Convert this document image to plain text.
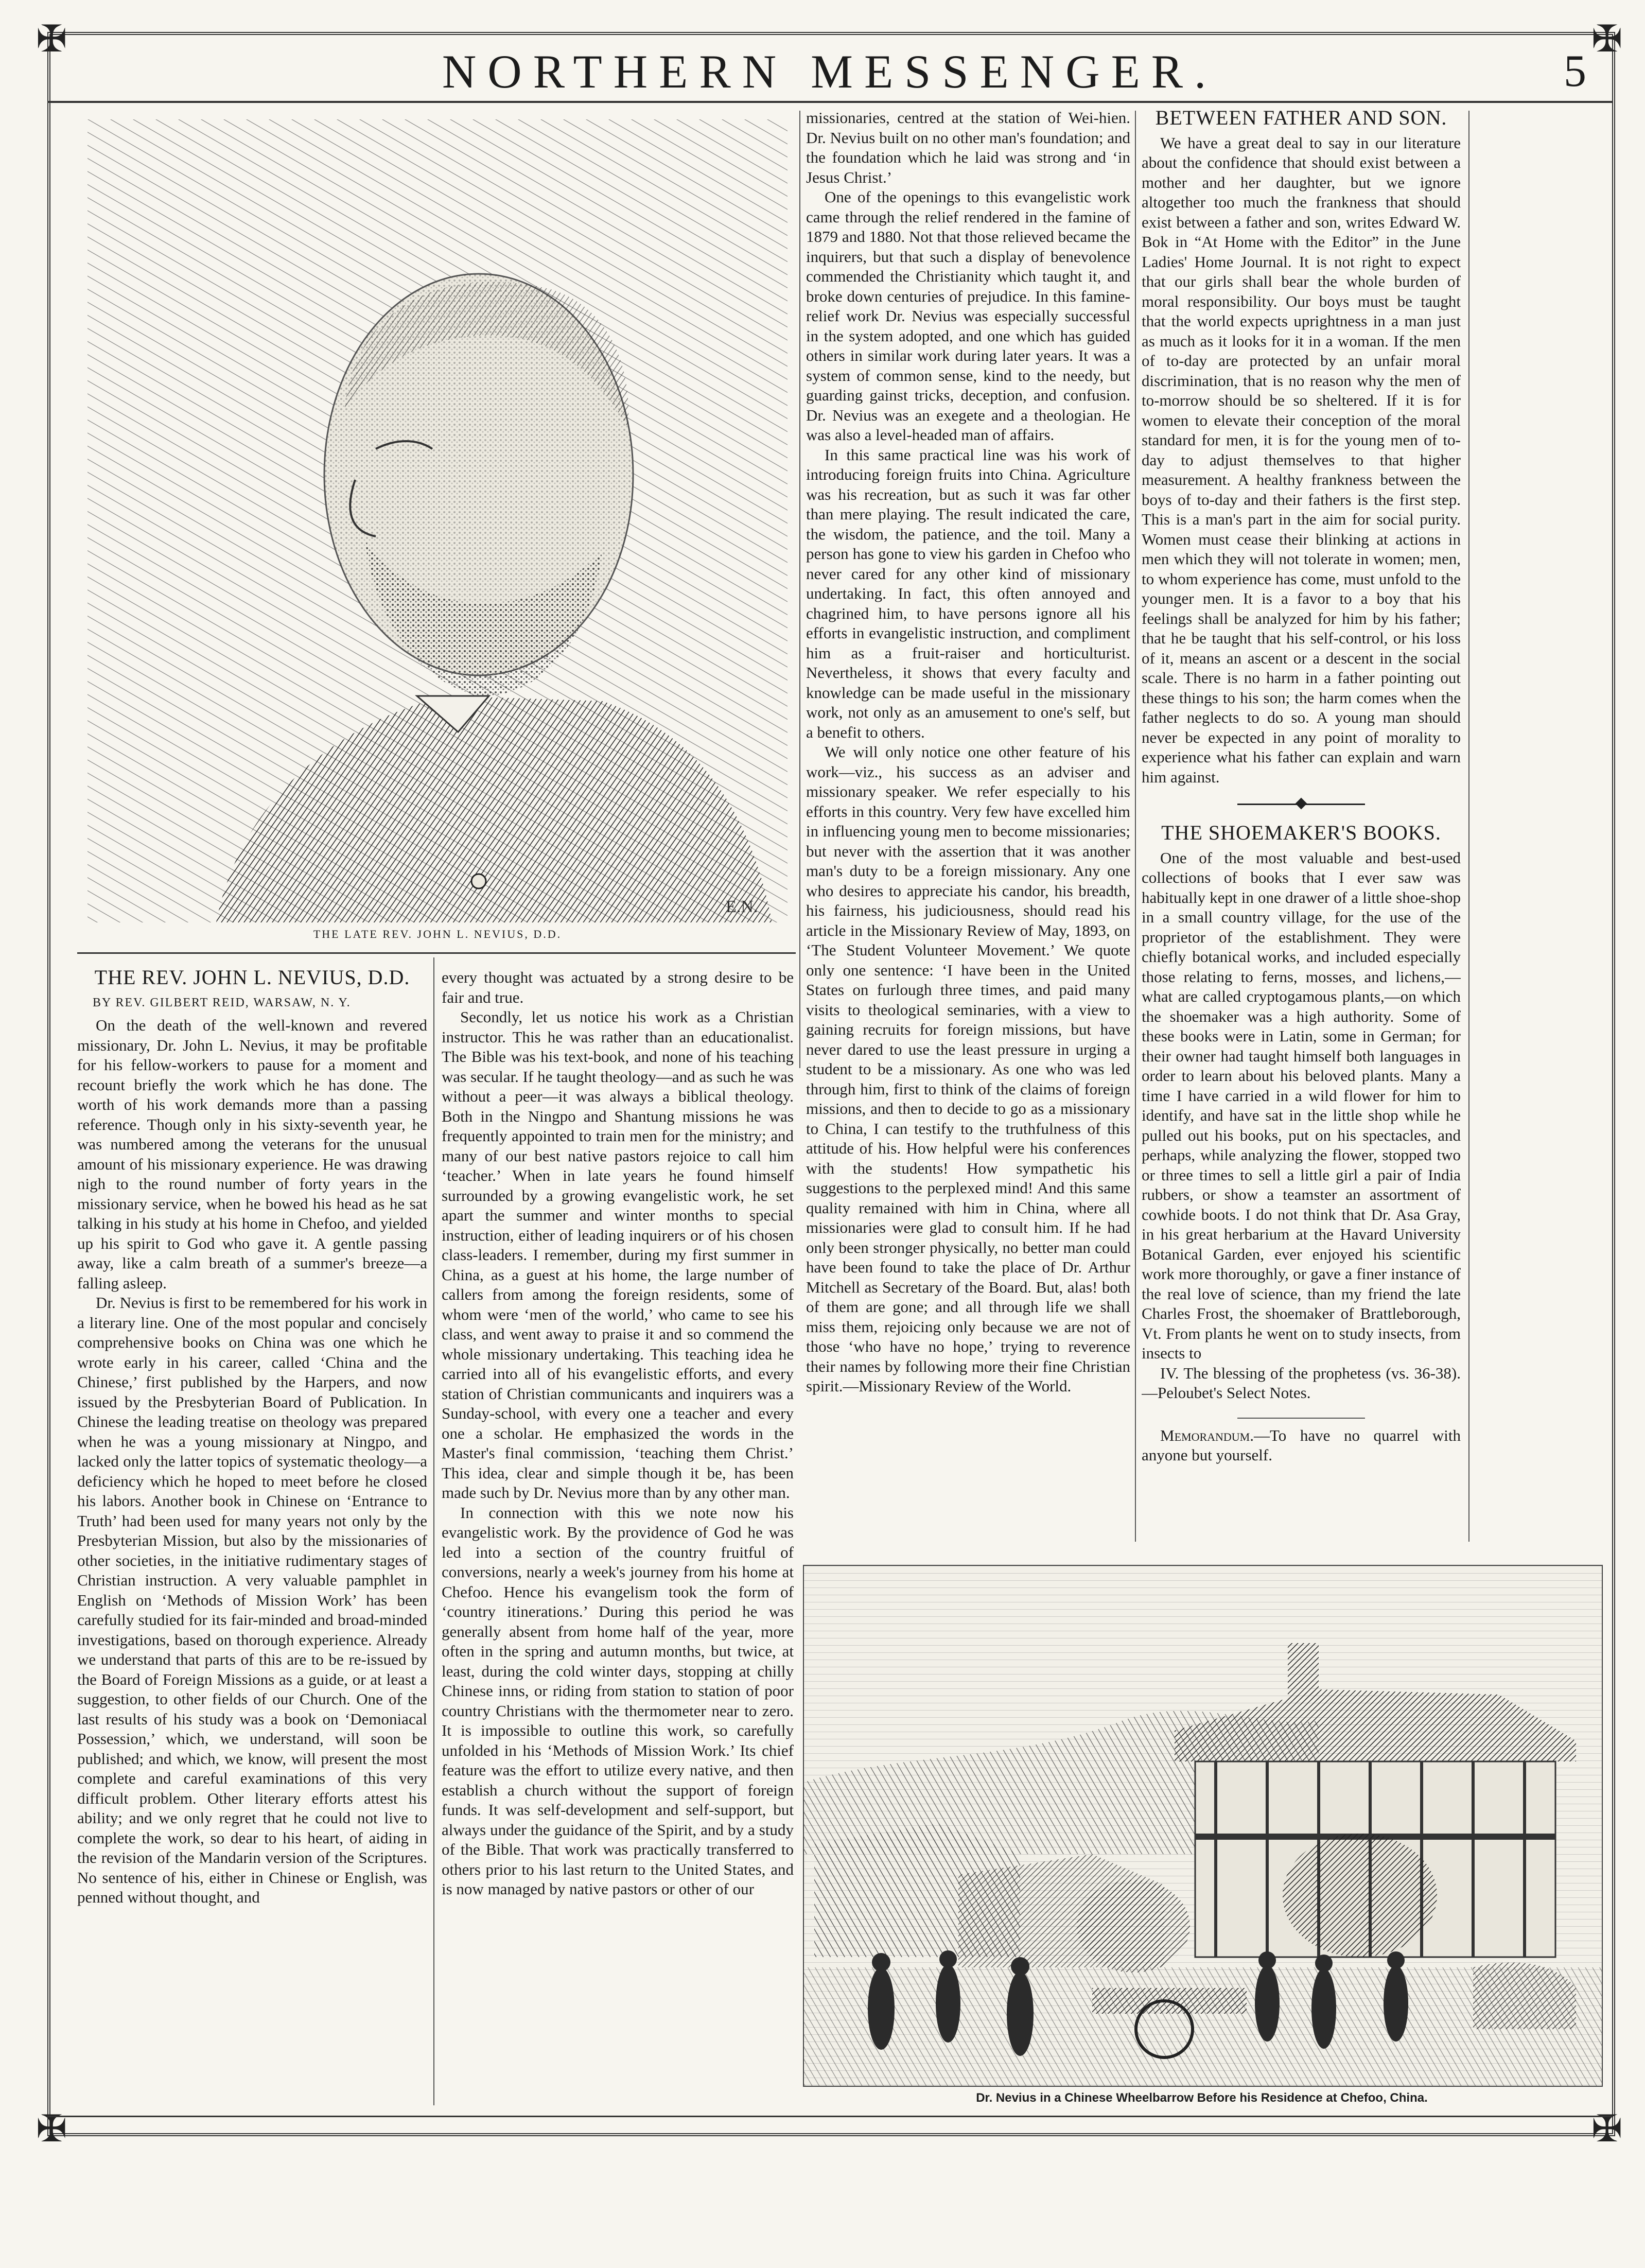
✠	✠
✠	✠
NORTHERN MESSENGER.	5
E.N.
THE LATE REV. JOHN L. NEVIUS, D.D.
THE REV. JOHN L. NEVIUS, D.D.
BY REV. GILBERT REID, WARSAW, N. Y.

On the death of the well-known and revered missionary, Dr. John L. Nevius, it may be profitable for his fellow-workers to pause for a moment and recount briefly the work which he has done. The worth of his work demands more than a passing reference. Though only in his sixty-seventh year, he was numbered among the veterans for the unusual amount of his missionary experience. He was drawing nigh to the round number of forty years in the missionary service, when he bowed his head as he sat talking in his study at his home in Chefoo, and yielded up his spirit to God who gave it. A gentle passing away, like a calm breath of a summer's breeze—a falling asleep.

Dr. Nevius is first to be remembered for his work in a literary line. One of the most popular and concisely comprehensive books on China was one which he wrote early in his career, called ‘China and the Chinese,’ first published by the Harpers, and now issued by the Presbyterian Board of Publication. In Chinese the leading treatise on theology was prepared when he was a young missionary at Ningpo, and lacked only the latter topics of systematic theology—a deficiency which he hoped to meet before he closed his labors. Another book in Chinese on ‘Entrance to Truth’ had been used for many years not only by the Presbyterian Mission, but also by the missionaries of other societies, in the initiative rudimentary stages of Christian instruction. A very valuable pamphlet in English on ‘Methods of Mission Work’ has been carefully studied for its fair-minded and broad-minded investigations, based on thorough experience. Already we understand that parts of this are to be re-issued by the Board of Foreign Missions as a guide, or at least a suggestion, to other fields of our Church. One of the last results of his study was a book on ‘Demoniacal Possession,’ which, we understand, will soon be published; and which, we know, will present the most complete and careful examinations of this very difficult problem. Other literary efforts attest his ability; and we only regret that he could not live to complete the work, so dear to his heart, of aiding in the revision of the Mandarin version of the Scriptures. No sentence of his, either in Chinese or English, was penned without thought, and

every thought was actuated by a strong desire to be fair and true.

Secondly, let us notice his work as a Christian instructor. This he was rather than an educationalist. The Bible was his text-book, and none of his teaching was secular. If he taught theology—and as such he was without a peer—it was always a biblical theology. Both in the Ningpo and Shantung missions he was frequently appointed to train men for the ministry; and many of our best native pastors rejoice to call him ‘teacher.’ When in late years he found himself surrounded by a growing evangelistic work, he set apart the summer and winter months to special instruction, either of leading inquirers or of his chosen class-leaders. I remember, during my first summer in China, as a guest at his home, the large number of callers from among the foreign residents, some of whom were ‘men of the world,’ who came to see his class, and went away to praise it and so commend the whole missionary undertaking. This teaching idea he carried into all of his evangelistic efforts, and every station of Christian communicants and inquirers was a Sunday-school, with every one a teacher and every one a scholar. He emphasized the words in the Master's final commission, ‘teaching them Christ.’ This idea, clear and simple though it be, has been made such by Dr. Nevius more than by any other man.

In connection with this we note now his evangelistic work. By the providence of God he was led into a section of the country fruitful of conversions, nearly a week's journey from his home at Chefoo. Hence his evangelism took the form of ‘country itinerations.’ During this period he was generally absent from home half of the year, more often in the spring and autumn months, but twice, at least, during the cold winter days, stopping at chilly Chinese inns, or riding from station to station of poor country Christians with the thermometer near to zero. It is impossible to outline this work, so carefully unfolded in his ‘Methods of Mission Work.’ Its chief feature was the effort to utilize every native, and then establish a church without the support of foreign funds. It was self-development and self-support, but always under the guidance of the Spirit, and by a study of the Bible. That work was practically transferred to others prior to his last return to the United States, and is now managed by native pastors or other of our

missionaries, centred at the station of Wei-hien. Dr. Nevius built on no other man's foundation; and the foundation which he laid was strong and ‘in Jesus Christ.’

One of the openings to this evangelistic work came through the relief rendered in the famine of 1879 and 1880. Not that those relieved became the inquirers, but that such a display of benevolence commended the Christianity which taught it, and broke down centuries of prejudice. In this famine-relief work Dr. Nevius was especially successful in the system adopted, and one which has guided others in similar work during later years. It was a system of common sense, kind to the needy, but guarding gainst tricks, deception, and confusion. Dr. Nevius was an exegete and a theologian. He was also a level-headed man of affairs.

In this same practical line was his work of introducing foreign fruits into China. Agriculture was his recreation, but as such it was far other than mere playing. The result indicated the care, the wisdom, the patience, and the toil. Many a person has gone to view his garden in Chefoo who never cared for any other kind of missionary undertaking. In fact, this often annoyed and chagrined him, to have persons ignore all his efforts in evangelistic instruction, and compliment him as a fruit-raiser and horticulturist. Nevertheless, it shows that every faculty and knowledge can be made useful in the missionary work, not only as an amusement to one's self, but a benefit to others.

We will only notice one other feature of his work—viz., his success as an adviser and missionary speaker. We refer especially to his efforts in this country. Very few have excelled him in influencing young men to become missionaries; but never with the assertion that it was another man's duty to be a foreign missionary. Any one who desires to appreciate his candor, his breadth, his fairness, his judiciousness, should read his article in the Missionary Review of May, 1893, on ‘The Student Volunteer Movement.’ We quote only one sentence: ‘I have been in the United States on furlough three times, and paid many visits to theological seminaries, with a view to gaining recruits for foreign missions, but have never dared to use the least pressure in urging a student to be a missionary. As one who was led through him, first to think of the claims of foreign missions, and then to decide to go as a missionary to China, I can testify to the truthfulness of this attitude of his. How helpful were his conferences with the students! How sympathetic his suggestions to the perplexed mind! And this same quality remained with him in China, where all missionaries were glad to consult him. If he had only been stronger physically, no better man could have been found to take the place of Dr. Arthur Mitchell as Secretary of the Board. But, alas! both of them are gone; and all through life we shall miss them, rejoicing only because we are not of those ‘who have no hope,’ trying to reverence their names by following more their fine Christian spirit.—Missionary Review of the World.

BETWEEN FATHER AND SON.

We have a great deal to say in our literature about the confidence that should exist between a mother and her daughter, but we ignore altogether too much the frankness that should exist between a father and son, writes Edward W. Bok in “At Home with the Editor” in the June Ladies' Home Journal. It is not right to expect that our girls shall bear the whole burden of moral responsibility. Our boys must be taught that the world expects uprightness in a man just as much as it looks for it in a woman. If the men of to-day are protected by an unfair moral discrimination, that is no reason why the men of to-morrow should be so sheltered. If it is for women to elevate their conception of the moral standard for men, it is for the young men of to-day to adjust themselves to that higher measurement. A healthy frankness between the boys of to-day and their fathers is the first step. This is a man's part in the aim for social purity. Women must cease their blinking at actions in men which they will not tolerate in women; men, to whom experience has come, must unfold to the younger men. It is a favor to a boy that his feelings shall be analyzed for him by his father; that he be taught that his self-control, or his loss of it, means an ascent or a descent in the social scale. There is no harm in a father pointing out these things to his son; the harm comes when the father neglects to do so. A young man should never be expected in any point of morality to experience what his father can explain and warn him against.

THE SHOEMAKER'S BOOKS.

One of the most valuable and best-used collections of books that I ever saw was habitually kept in one drawer of a little shoe-shop in a small country village, for the use of the proprietor of the establishment. They were chiefly botanical works, and included especially those relating to ferns, mosses, and lichens,—what are called cryptogamous plants,—on which the shoemaker was a high authority. Some of these books were in Latin, some in German; for their owner had taught himself both languages in order to learn about his beloved plants. Many a time I have carried in a wild flower for him to identify, and have sat in the little shop while he pulled out his books, put on his spectacles, and perhaps, while analyzing the flower, stopped two or three times to sell a little girl a pair of India rubbers, or show a teamster an assortment of cowhide boots. I do not think that Dr. Asa Gray, in his great herbarium at the Havard University Botanical Garden, ever enjoyed his scientific work more thoroughly, or gave a finer instance of the real love of science, than my friend the late Charles Frost, the shoemaker of Brattleborough, Vt. From plants he went on to study insects, from insects to

IV. The blessing of the prophetess (vs. 36-38).—Peloubet's Select Notes.

Memorandum.—To have no quarrel with anyone but yourself.

Dr. Nevius in a Chinese Wheelbarrow Before his Residence at Chefoo, China.
